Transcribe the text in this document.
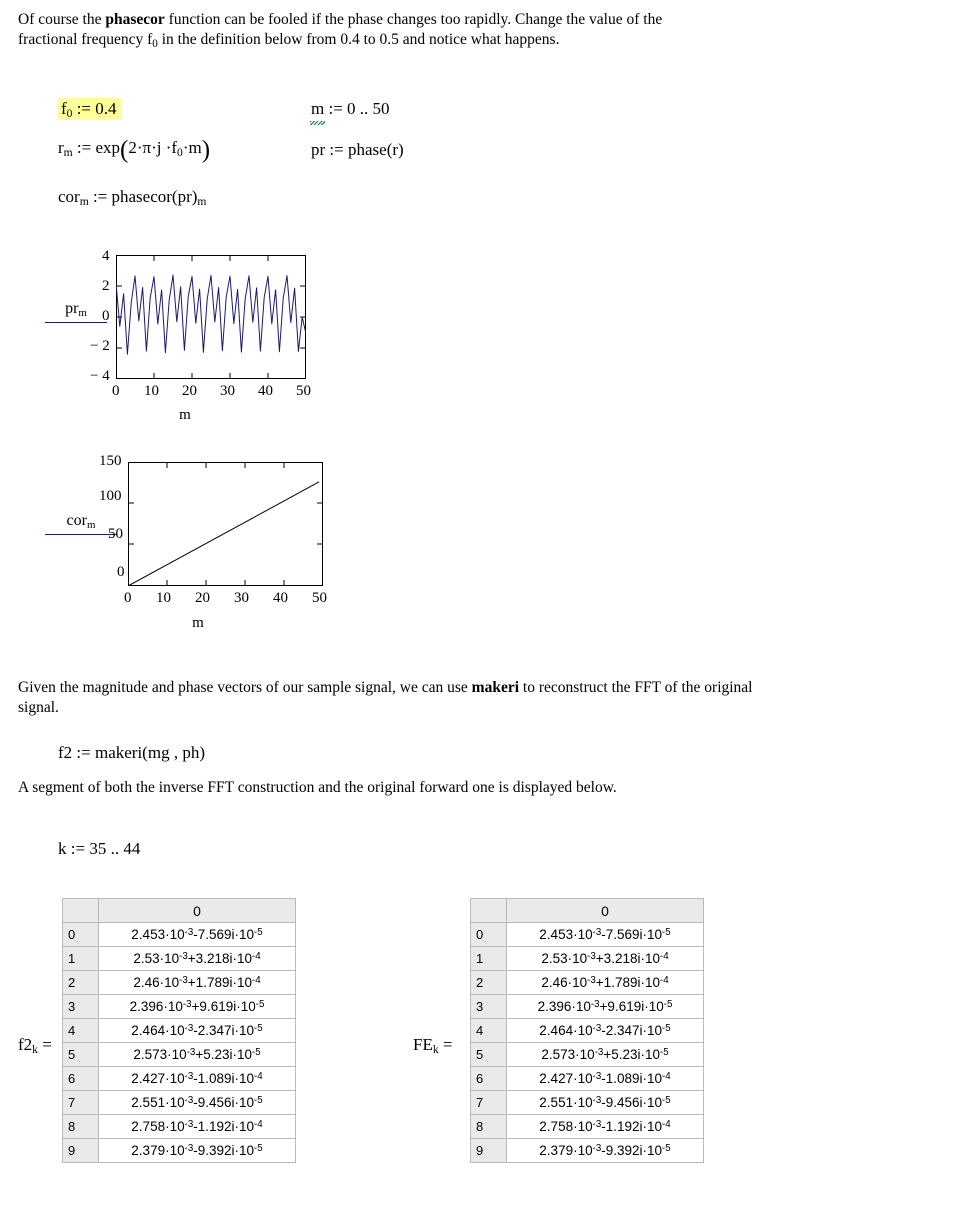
Of course the phasecor function can be fooled if the phase changes too rapidly. Change the value of the
fractional frequency $f_0$ in the definition below from 0.4 to 0.5 and notice what happens.
$f_0$ := 0.4	m := 0 .. 50
$r_m$ := $\exp(2\cdot\pi\cdot j \cdot f_0\cdot m)$	pr := phase(r)
cor$_m$ := $phasecor(pr)_m$
$pr_m$
4
2
0
− 2
− 4
0 10 20 30 40 50
m
cor$_m$
150
100
50
0
0 10 20 30 40 50
m
Given the magnitude and phase vectors of our sample signal, we can use makeri to reconstruct the FFT of the original
signal.
f2 := makeri(mg , ph)
A segment of both the inverse FFT construction and the original forward one is displayed below.
k := 35 .. 44
$f2_k$ =
	0
0	$2.453\cdot 10^{-3}-7.569i\cdot 10^{-5}$
1	$2.53\cdot 10^{-3}+3.218i\cdot 10^{-4}$
2	$2.46\cdot 10^{-3}+1.789i\cdot 10^{-4}$
3	$2.396\cdot 10^{-3}+9.619i\cdot 10^{-5}$
4	$2.464\cdot 10^{-3}-2.347i\cdot 10^{-5}$
5	$2.573\cdot 10^{-3}+5.23i\cdot 10^{-5}$
6	$2.427\cdot 10^{-3}-1.089i\cdot 10^{-4}$
7	$2.551\cdot 10^{-3}-9.456i\cdot 10^{-5}$
8	$2.758\cdot 10^{-3}-1.192i\cdot 10^{-4}$
9	$2.379\cdot 10^{-3}-9.392i\cdot 10^{-5}$
$FE_k$ =
	0
0	$2.453\cdot 10^{-3}-7.569i\cdot 10^{-5}$
1	$2.53\cdot 10^{-3}+3.218i\cdot 10^{-4}$
2	$2.46\cdot 10^{-3}+1.789i\cdot 10^{-4}$
3	$2.396\cdot 10^{-3}+9.619i\cdot 10^{-5}$
4	$2.464\cdot 10^{-3}-2.347i\cdot 10^{-5}$
5	$2.573\cdot 10^{-3}+5.23i\cdot 10^{-5}$
6	$2.427\cdot 10^{-3}-1.089i\cdot 10^{-4}$
7	$2.551\cdot 10^{-3}-9.456i\cdot 10^{-5}$
8	$2.758\cdot 10^{-3}-1.192i\cdot 10^{-4}$
9	$2.379\cdot 10^{-3}-9.392i\cdot 10^{-5}$
